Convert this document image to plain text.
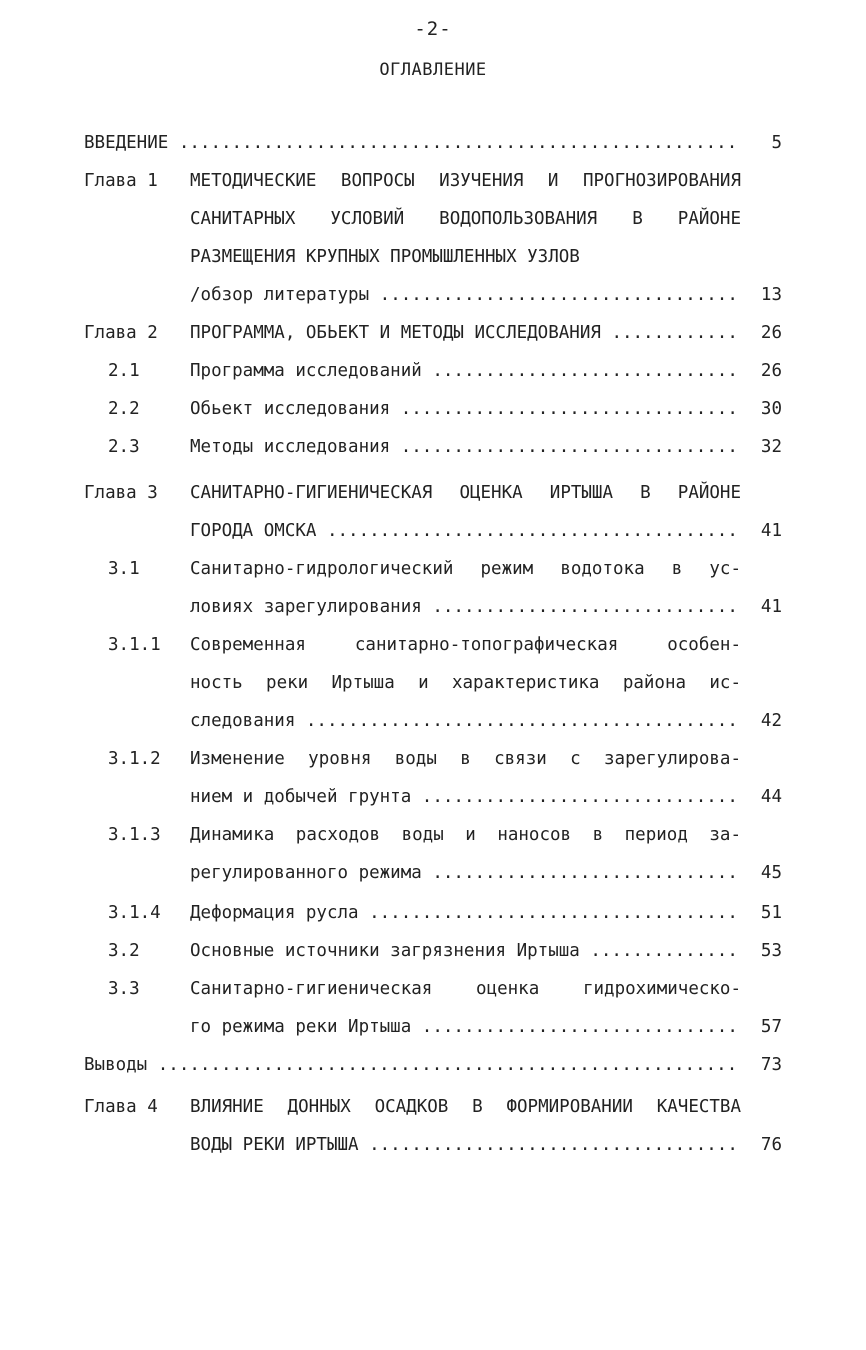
-2-
ОГЛАВЛЕНИЕ
ВВЕДЕНИЕ .....	5
Глава 1	МЕТОДИЧЕСКИЕ ВОПРОСЫ ИЗУЧЕНИЯ И ПРОГНОЗИРОВАНИЯ
САНИТАРНЫХ УСЛОВИЙ ВОДОПОЛЬЗОВАНИЯ В РАЙОНЕ
РАЗМЕЩЕНИЯ КРУПНЫХ ПРОМЫШЛЕННЫХ УЗЛОВ
/обзор литературы .....	13
Глава 2	ПРОГРАММА, ОБЬЕКТ И МЕТОДЫ ИССЛЕДОВАНИЯ .....	26
2.1	Программа исследований .....	26
2.2	Обьект исследования .....	30
2.3	Методы исследования .....	32
Глава 3	САНИТАРНО-ГИГИЕНИЧЕСКАЯ ОЦЕНКА ИРТЫША В РАЙОНЕ
ГОРОДА ОМСКА .....	41
3.1	Санитарно-гидрологический режим водотока в ус-
ловиях зарегулирования .....	41
3.1.1	Современная санитарно-топографическая особен-
ность реки Иртыша и характеристика района ис-
следования .....	42
3.1.2	Изменение уровня воды в связи с зарегулирова-
нием и добычей грунта .....	44
3.1.3	Динамика расходов воды и наносов в период за-
регулированного режима .....	45
3.1.4	Деформация русла .....	51
3.2	Основные источники загрязнения Иртыша .....	53
3.3	Санитарно-гигиеническая оценка гидрохимическо-
го режима реки Иртыша .....	57
Выводы .....	73
Глава 4	ВЛИЯНИЕ ДОННЫХ ОСАДКОВ В ФОРМИРОВАНИИ КАЧЕСТВА
ВОДЫ РЕКИ ИРТЫША .....	76
